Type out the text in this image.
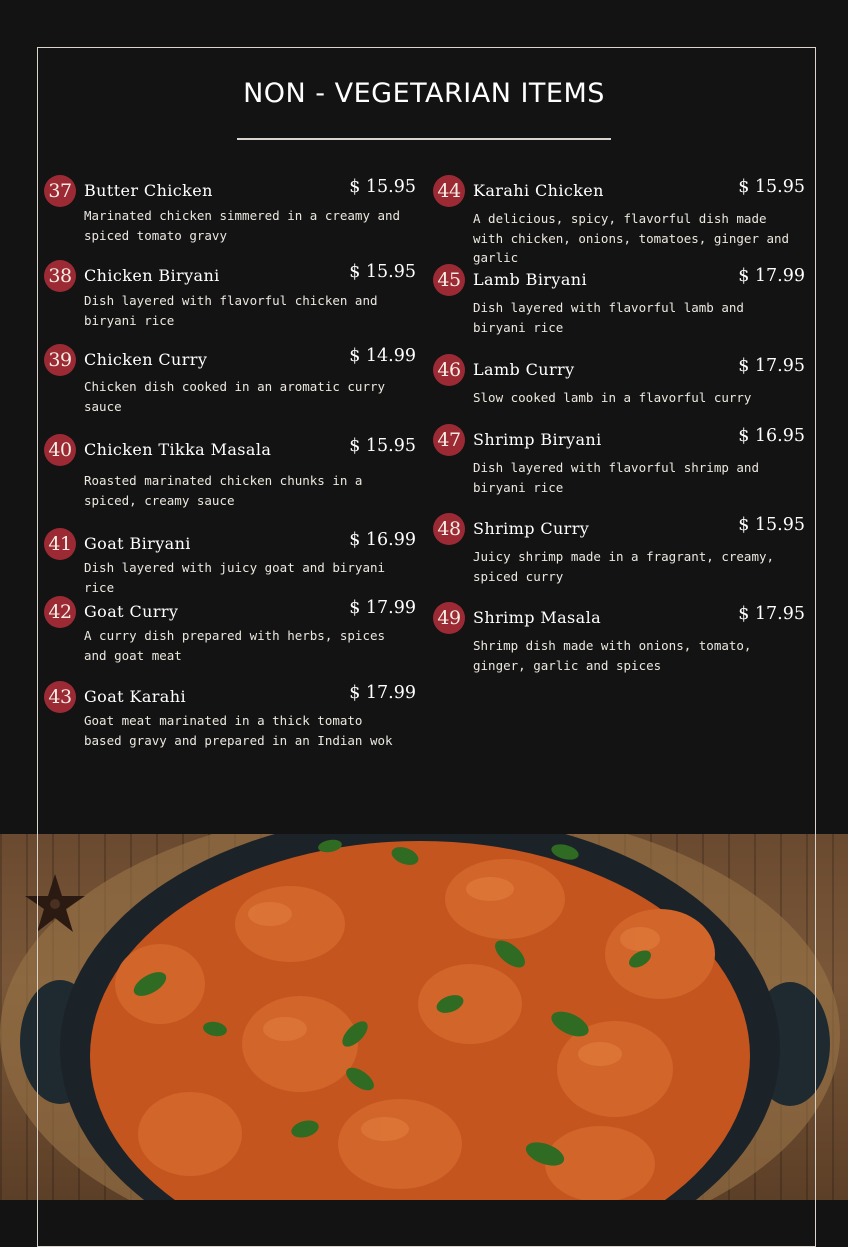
NON - VEGETARIAN ITEMS
37 Butter Chicken	$ 15.95
Marinated chicken simmered in a creamy and spiced tomato gravy
38 Chicken Biryani	$ 15.95
Dish layered with flavorful chicken and biryani rice
39 Chicken Curry	$ 14.99
Chicken dish cooked in an aromatic curry sauce
40 Chicken Tikka Masala	$ 15.95
Roasted marinated chicken chunks in a spiced, creamy sauce
41 Goat Biryani	$ 16.99
Dish layered with juicy goat and biryani rice
42 Goat Curry	$ 17.99
A curry dish prepared with herbs, spices and goat meat
43 Goat Karahi	$ 17.99
Goat meat marinated in a thick tomato based gravy and prepared in an Indian wok
44 Karahi Chicken	$ 15.95
A delicious, spicy, flavorful dish made with chicken, onions, tomatoes, ginger and garlic
45 Lamb Biryani	$ 17.99
Dish layered with flavorful lamb and biryani rice
46 Lamb Curry	$ 17.95
Slow cooked lamb in a flavorful curry
47 Shrimp Biryani	$ 16.95
Dish layered with flavorful shrimp and biryani rice
48 Shrimp Curry	$ 15.95
Juicy shrimp made in a fragrant, creamy, spiced curry
49 Shrimp Masala	$ 17.95
Shrimp dish made with onions, tomato, ginger, garlic and spices
